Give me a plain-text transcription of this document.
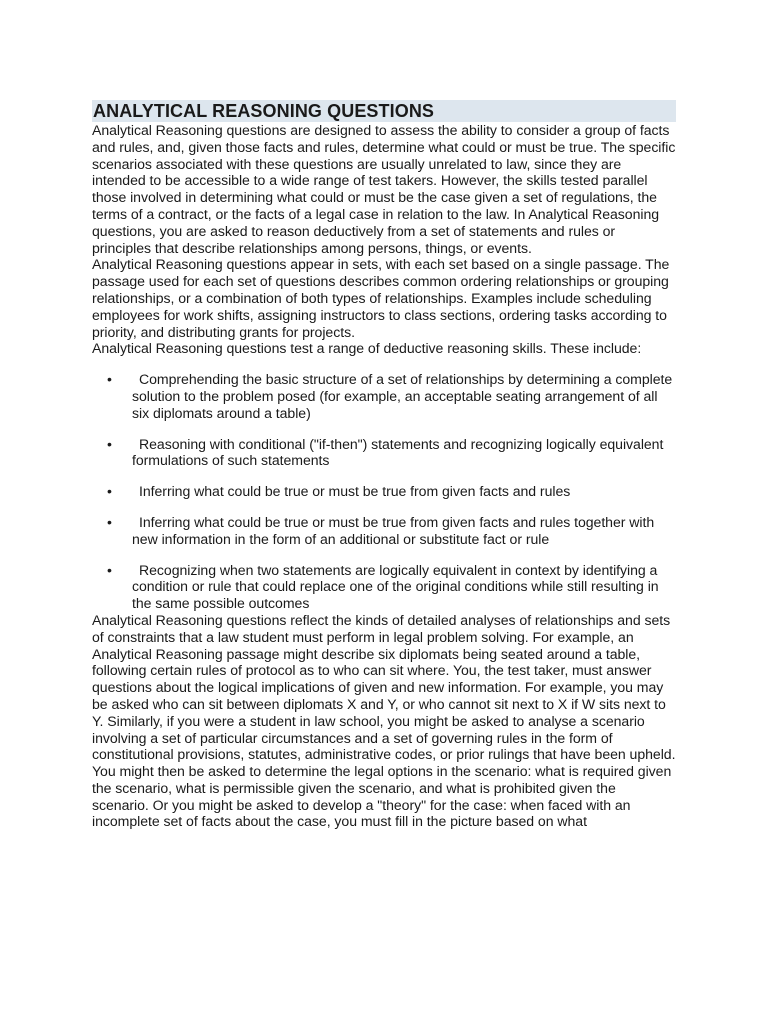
ANALYTICAL REASONING QUESTIONS

Analytical Reasoning questions are designed to assess the ability to consider a group of facts and rules, and, given those facts and rules, determine what could or must be true. The specific scenarios associated with these questions are usually unrelated to law, since they are intended to be accessible to a wide range of test takers. However, the skills tested parallel those involved in determining what could or must be the case given a set of regulations, the terms of a contract, or the facts of a legal case in relation to the law. In Analytical Reasoning questions, you are asked to reason deductively from a set of statements and rules or principles that describe relationships among persons, things, or events.

Analytical Reasoning questions appear in sets, with each set based on a single passage. The passage used for each set of questions describes common ordering relationships or grouping relationships, or a combination of both types of relationships. Examples include scheduling employees for work shifts, assigning instructors to class sections, ordering tasks according to priority, and distributing grants for projects.

Analytical Reasoning questions test a range of deductive reasoning skills. These include:

•	Comprehending the basic structure of a set of relationships by determining a complete solution to the problem posed (for example, an acceptable seating arrangement of all six diplomats around a table)
•	Reasoning with conditional ("if-then") statements and recognizing logically equivalent formulations of such statements
•	Inferring what could be true or must be true from given facts and rules
•	Inferring what could be true or must be true from given facts and rules together with new information in the form of an additional or substitute fact or rule
•	Recognizing when two statements are logically equivalent in context by identifying a condition or rule that could replace one of the original conditions while still resulting in the same possible outcomes

Analytical Reasoning questions reflect the kinds of detailed analyses of relationships and sets of constraints that a law student must perform in legal problem solving. For example, an Analytical Reasoning passage might describe six diplomats being seated around a table, following certain rules of protocol as to who can sit where. You, the test taker, must answer questions about the logical implications of given and new information. For example, you may be asked who can sit between diplomats X and Y, or who cannot sit next to X if W sits next to Y. Similarly, if you were a student in law school, you might be asked to analyse a scenario involving a set of particular circumstances and a set of governing rules in the form of constitutional provisions, statutes, administrative codes, or prior rulings that have been upheld. You might then be asked to determine the legal options in the scenario: what is required given the scenario, what is permissible given the scenario, and what is prohibited given the scenario. Or you might be asked to develop a "theory" for the case: when faced with an incomplete set of facts about the case, you must fill in the picture based on what
